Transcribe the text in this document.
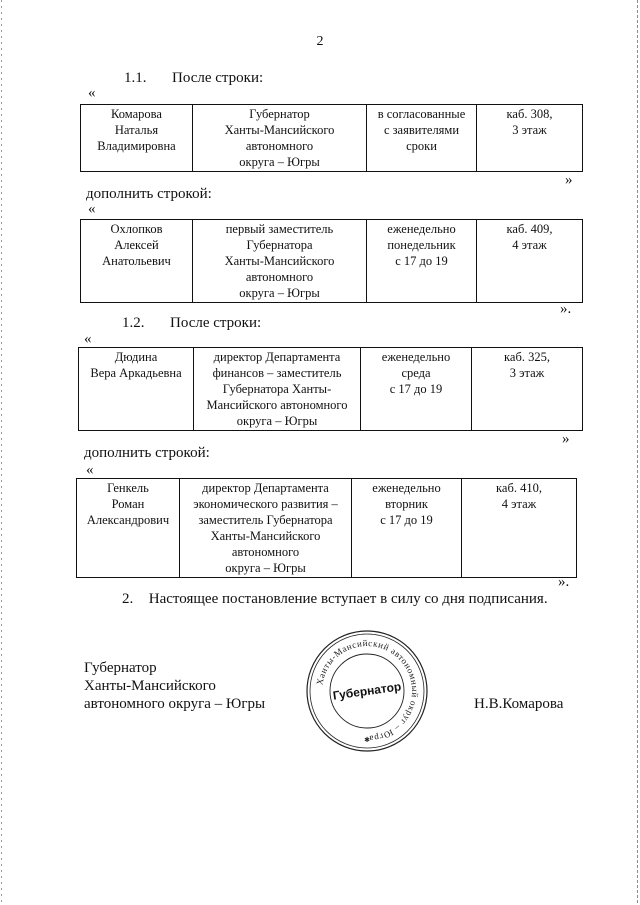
2
1.1. После строки:
«
Комарова
Наталья
Владимировна

Губернатор
Ханты-Мансийского
автономного
округа – Югры

в согласованные
с заявителями
сроки

каб. 308,
3 этаж
»
дополнить строкой:
«
Охлопков
Алексей
Анатольевич

первый заместитель
Губернатора
Ханты-Мансийского
автономного
округа – Югры

еженедельно
понедельник
с 17 до 19

каб. 409,
4 этаж
».
1.2. После строки:
«
Дюдина
Вера Аркадьевна

директор Департамента
финансов – заместитель
Губернатора Ханты-
Мансийского автономного
округа – Югры

еженедельно
среда
с 17 до 19

каб. 325,
3 этаж
»
дополнить строкой:
«
Генкель
Роман
Александрович

директор Департамента
экономического развития –
заместитель Губернатора
Ханты-Мансийского
автономного
округа – Югры

еженедельно
вторник
с 17 до 19

каб. 410,
4 этаж
».
2. Настоящее постановление вступает в силу со дня подписания.
Губернатор
Ханты-Мансийского
автономного округа – Югры	Н.В.Комарова
Ханты-Мансийский автономный округ – Югра
Губернатор
✱
